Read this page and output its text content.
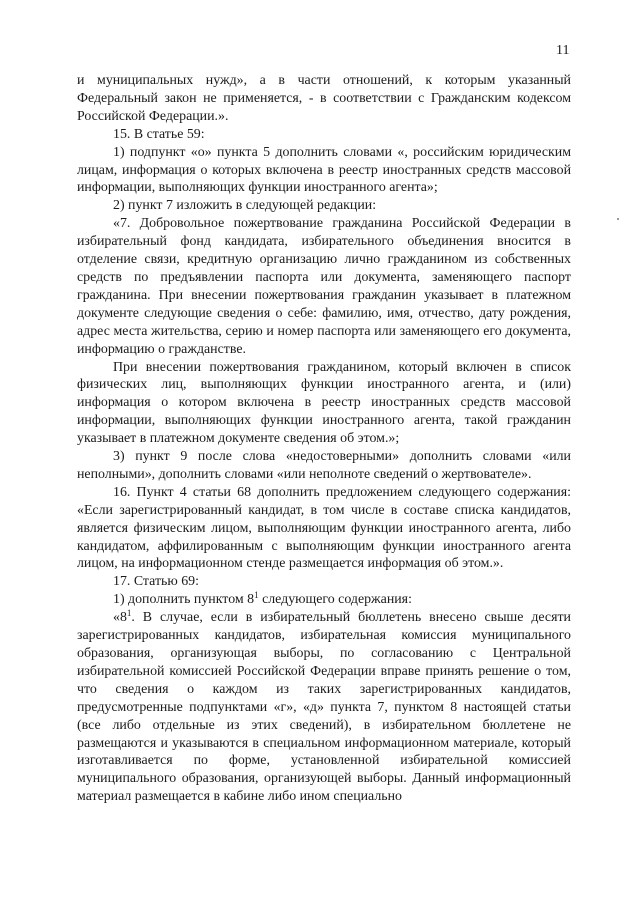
11

и муниципальных нужд», а в части отношений, к которым указанный Федеральный закон не применяется, - в соответствии с Гражданским кодексом Российской Федерации.».

15. В статье 59:

1) подпункт «о» пункта 5 дополнить словами «, российским юридическим лицам, информация о которых включена в реестр иностранных средств массовой информации, выполняющих функции иностранного агента»;

2) пункт 7 изложить в следующей редакции:

«7. Добровольное пожертвование гражданина Российской Федерации в избирательный фонд кандидата, избирательного объединения вносится в отделение связи, кредитную организацию лично гражданином из собственных средств по предъявлении паспорта или документа, заменяющего паспорт гражданина. При внесении пожертвования гражданин указывает в платежном документе следующие сведения о себе: фамилию, имя, отчество, дату рождения, адрес места жительства, серию и номер паспорта или заменяющего его документа, информацию о гражданстве.

При внесении пожертвования гражданином, который включен в список физических лиц, выполняющих функции иностранного агента, и (или) информация о котором включена в реестр иностранных средств массовой информации, выполняющих функции иностранного агента, такой гражданин указывает в платежном документе сведения об этом.»;

3) пункт 9 после слова «недостоверными» дополнить словами «или неполными», дополнить словами «или неполноте сведений о жертвователе».

16. Пункт 4 статьи 68 дополнить предложением следующего содержания: «Если зарегистрированный кандидат, в том числе в составе списка кандидатов, является физическим лицом, выполняющим функции иностранного агента, либо кандидатом, аффилированным с выполняющим функции иностранного агента лицом, на информационном стенде размещается информация об этом.».

17. Статью 69:

1) дополнить пунктом $8^1$ следующего содержания:

«$8^1$. В случае, если в избирательный бюллетень внесено свыше десяти зарегистрированных кандидатов, избирательная комиссия муниципального образования, организующая выборы, по согласованию с Центральной избирательной комиссией Российской Федерации вправе принять решение о том, что сведения о каждом из таких зарегистрированных кандидатов, предусмотренные подпунктами «г», «д» пункта 7, пунктом 8 настоящей статьи (все либо отдельные из этих сведений), в избирательном бюллетене не размещаются и указываются в специальном информационном материале, который изготавливается по форме, установленной избирательной комиссией муниципального образования, организующей выборы. Данный информационный материал размещается в кабине либо ином специально
